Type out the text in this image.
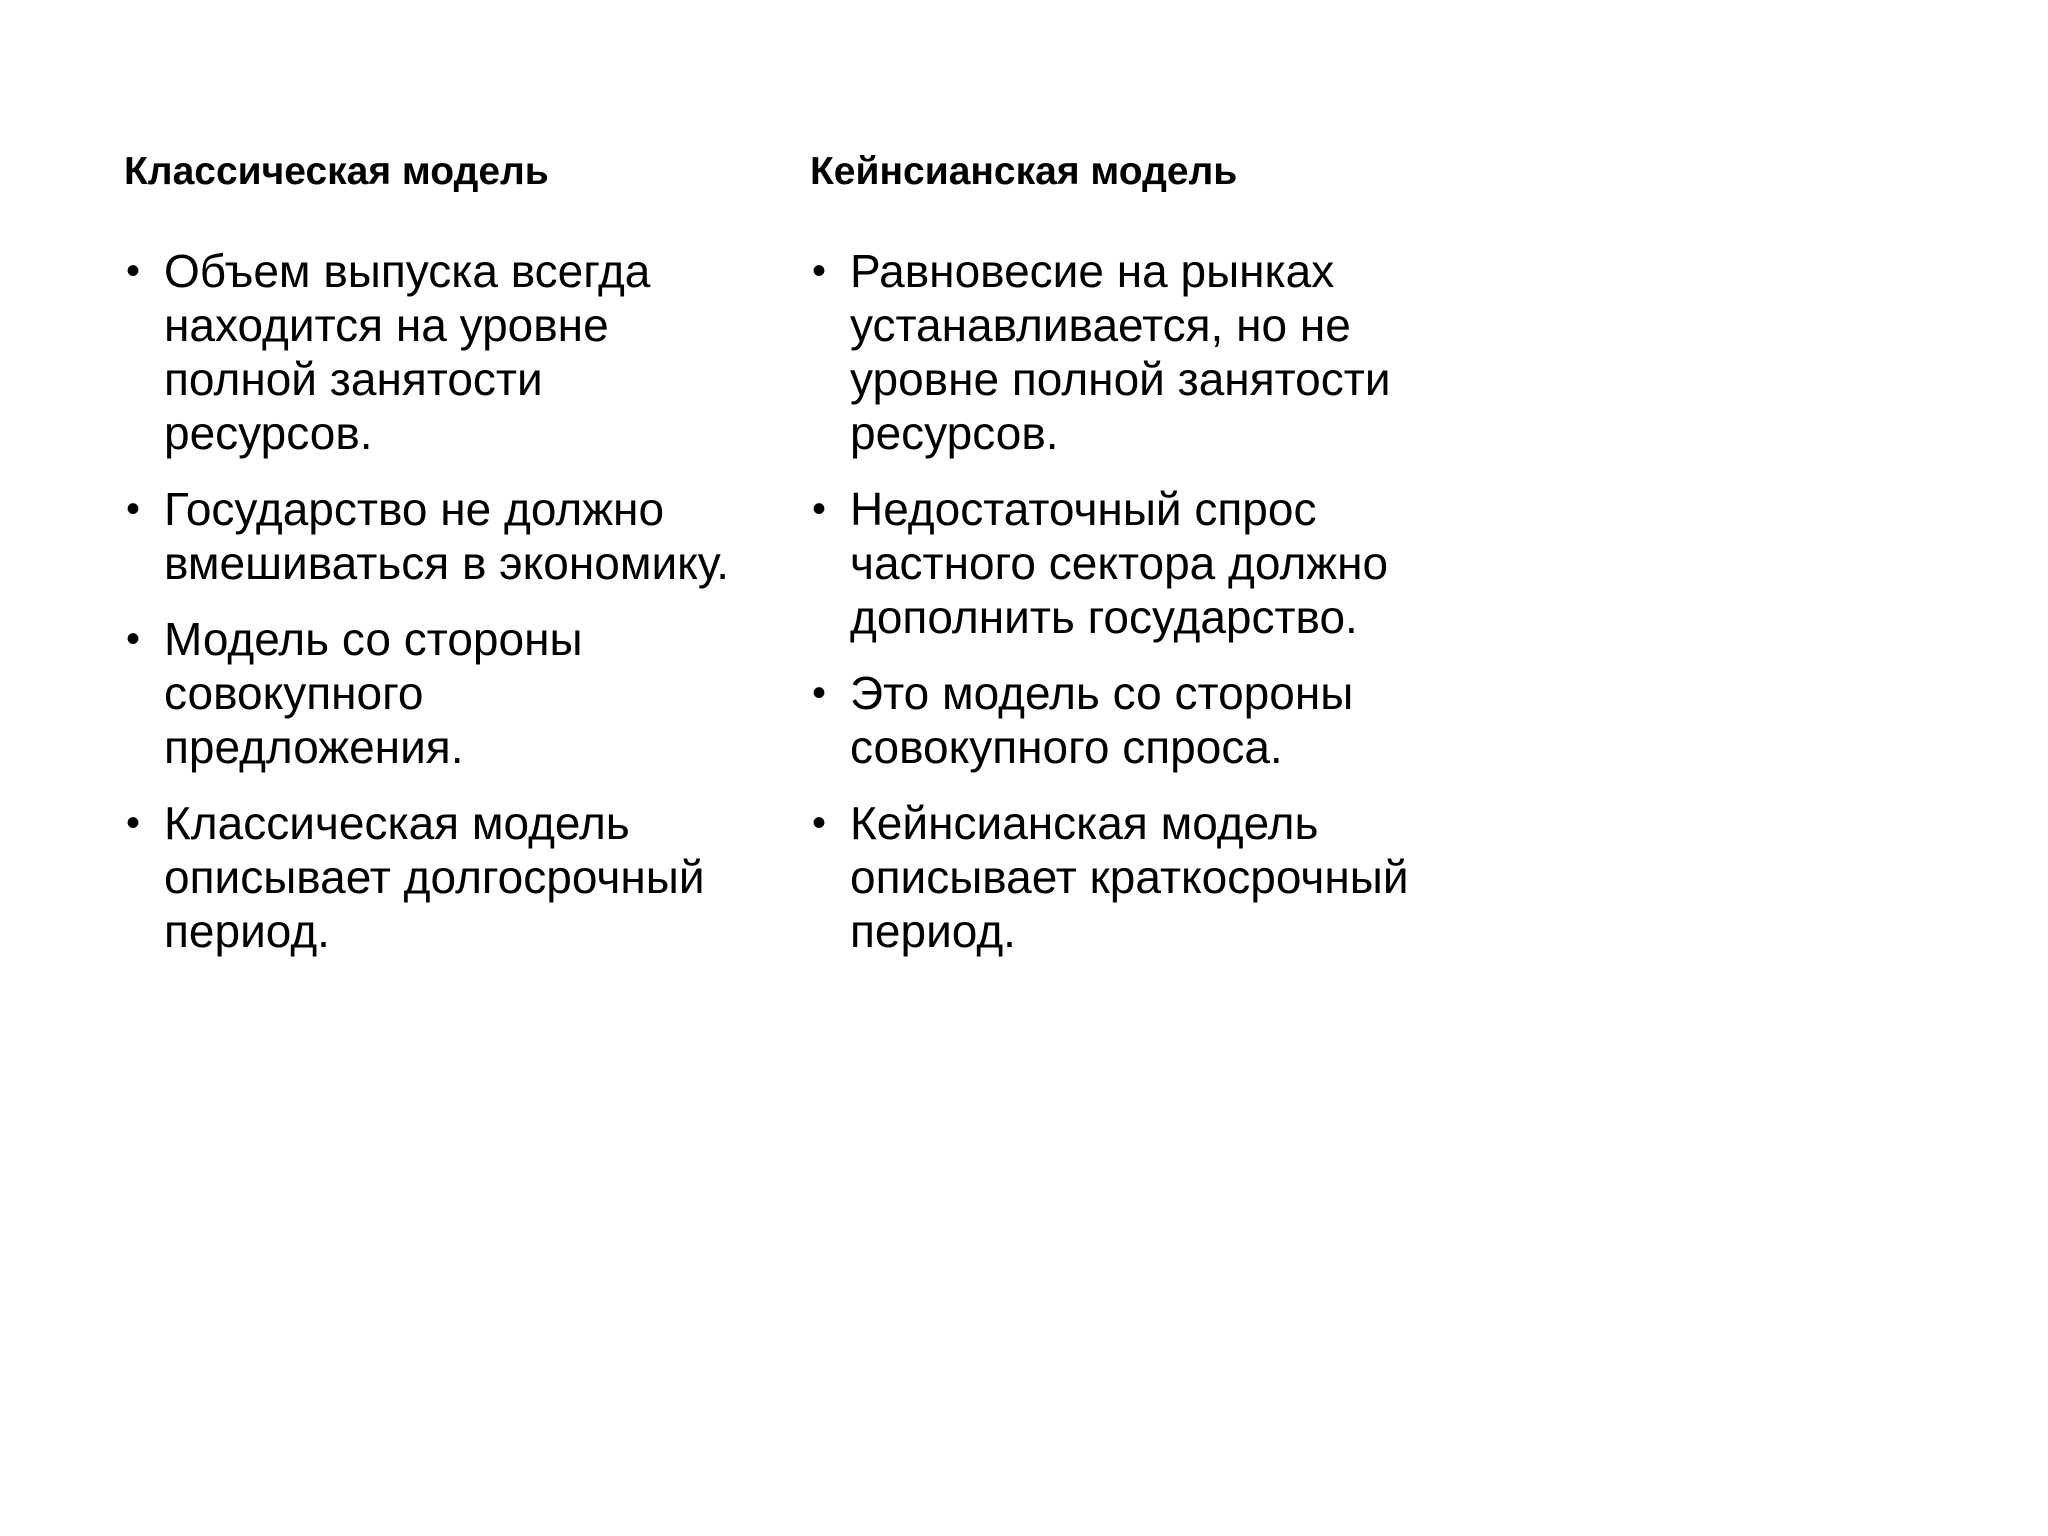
Классическая модель
• Объем выпуска всегда находится на уровне полной занятости ресурсов.
• Государство не должно вмешиваться в экономику.
• Модель со стороны совокупного предложения.
• Классическая модель описывает долгосрочный период.
Кейнсианская модель
• Равновесие на рынках устанавливается, но не уровне полной занятости ресурсов.
• Недостаточный спрос частного сектора должно дополнить государство.
• Это модель со стороны совокупного спроса.
• Кейнсианская модель описывает краткосрочный период.
